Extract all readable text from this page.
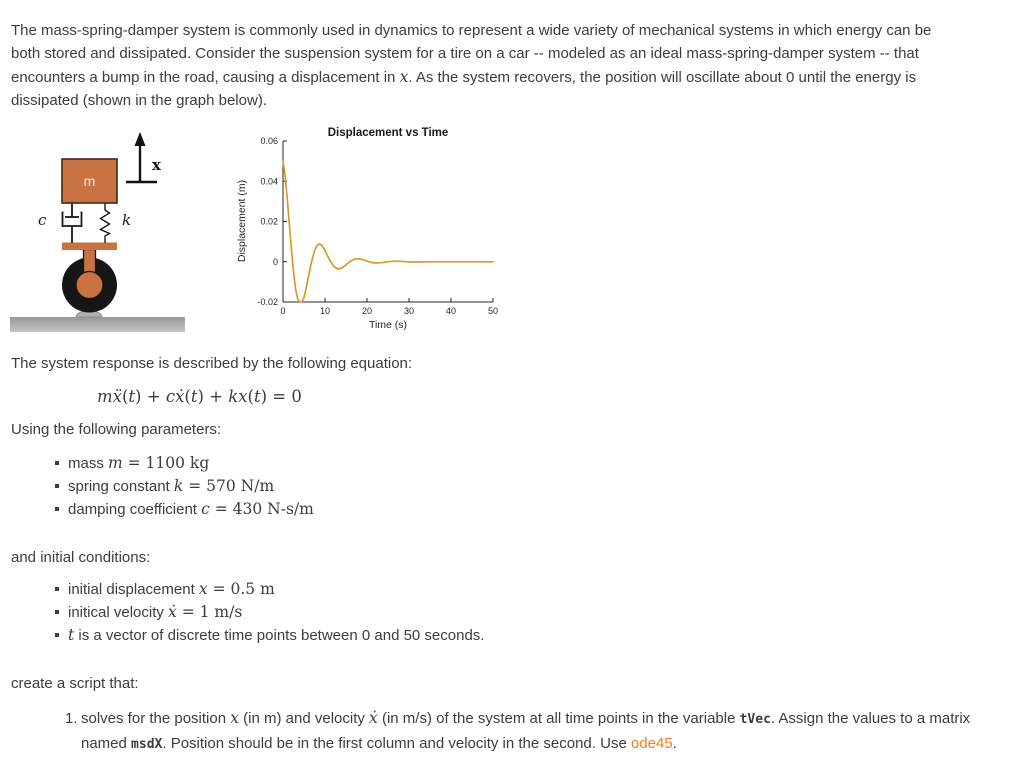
The mass-spring-damper system is commonly used in dynamics to represent a wide variety of mechanical systems in which energy can be
both stored and dissipated. Consider the suspension system for a tire on a car -- modeled as an ideal mass-spring-damper system -- that
encounters a bump in the road, causing a displacement in x. As the system recovers, the position will oscillate about 0 until the energy is
dissipated (shown in the graph below).
m
x
c	k
Displacement vs Time
Displacement (m)
Time (s)
-0.02
0
0.02
0.04
0.06
0	10	20	30	40	50
The system response is described by the following equation:
mẍ(t) + cẋ(t) + kx(t) = 0
Using the following parameters:
mass m = 1100 kg
spring constant k = 570 N/m
damping coefficient c = 430 N-s/m
and initial conditions:
initial displacement x = 0.5 m
initical velocity ẋ = 1 m/s
t is a vector of discrete time points between 0 and 50 seconds.
create a script that:
1. solves for the position x (in m) and velocity ẋ (in m/s) of the system at all time points in the variable tVec. Assign the values to a matrix
named msdX. Position should be in the first column and velocity in the second. Use ode45.
